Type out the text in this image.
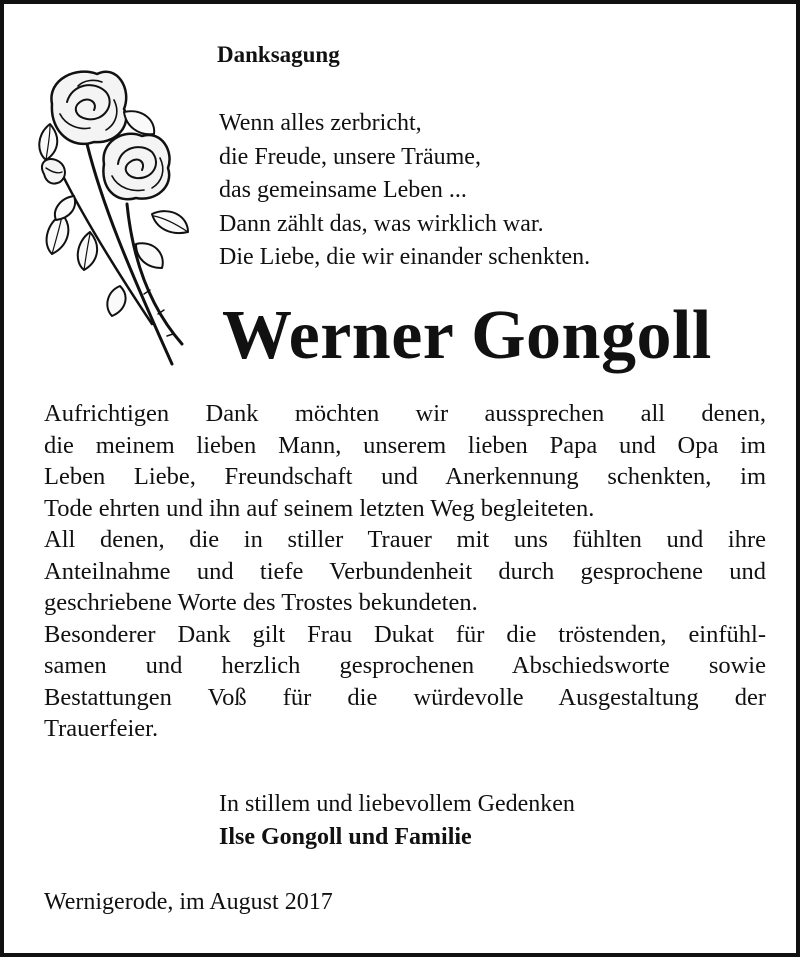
Danksagung
Wenn alles zerbricht,
die Freude, unsere Träume,
das gemeinsame Leben ...
Dann zählt das, was wirklich war.
Die Liebe, die wir einander schenkten.
Werner Gongoll
Aufrichtigen Dank möchten wir aussprechen all denen,
die meinem lieben Mann, unserem lieben Papa und Opa im
Leben Liebe, Freundschaft und Anerkennung schenkten, im
Tode ehrten und ihn auf seinem letzten Weg begleiteten.
All denen, die in stiller Trauer mit uns fühlten und ihre
Anteilnahme und tiefe Verbundenheit durch gesprochene und
geschriebene Worte des Trostes bekundeten.
Besonderer Dank gilt Frau Dukat für die tröstenden, einfühl-
samen und herzlich gesprochenen Abschiedsworte sowie
Bestattungen Voß für die würdevolle Ausgestaltung der
Trauerfeier.
In stillem und liebevollem Gedenken
Ilse Gongoll und Familie
Wernigerode, im August 2017
